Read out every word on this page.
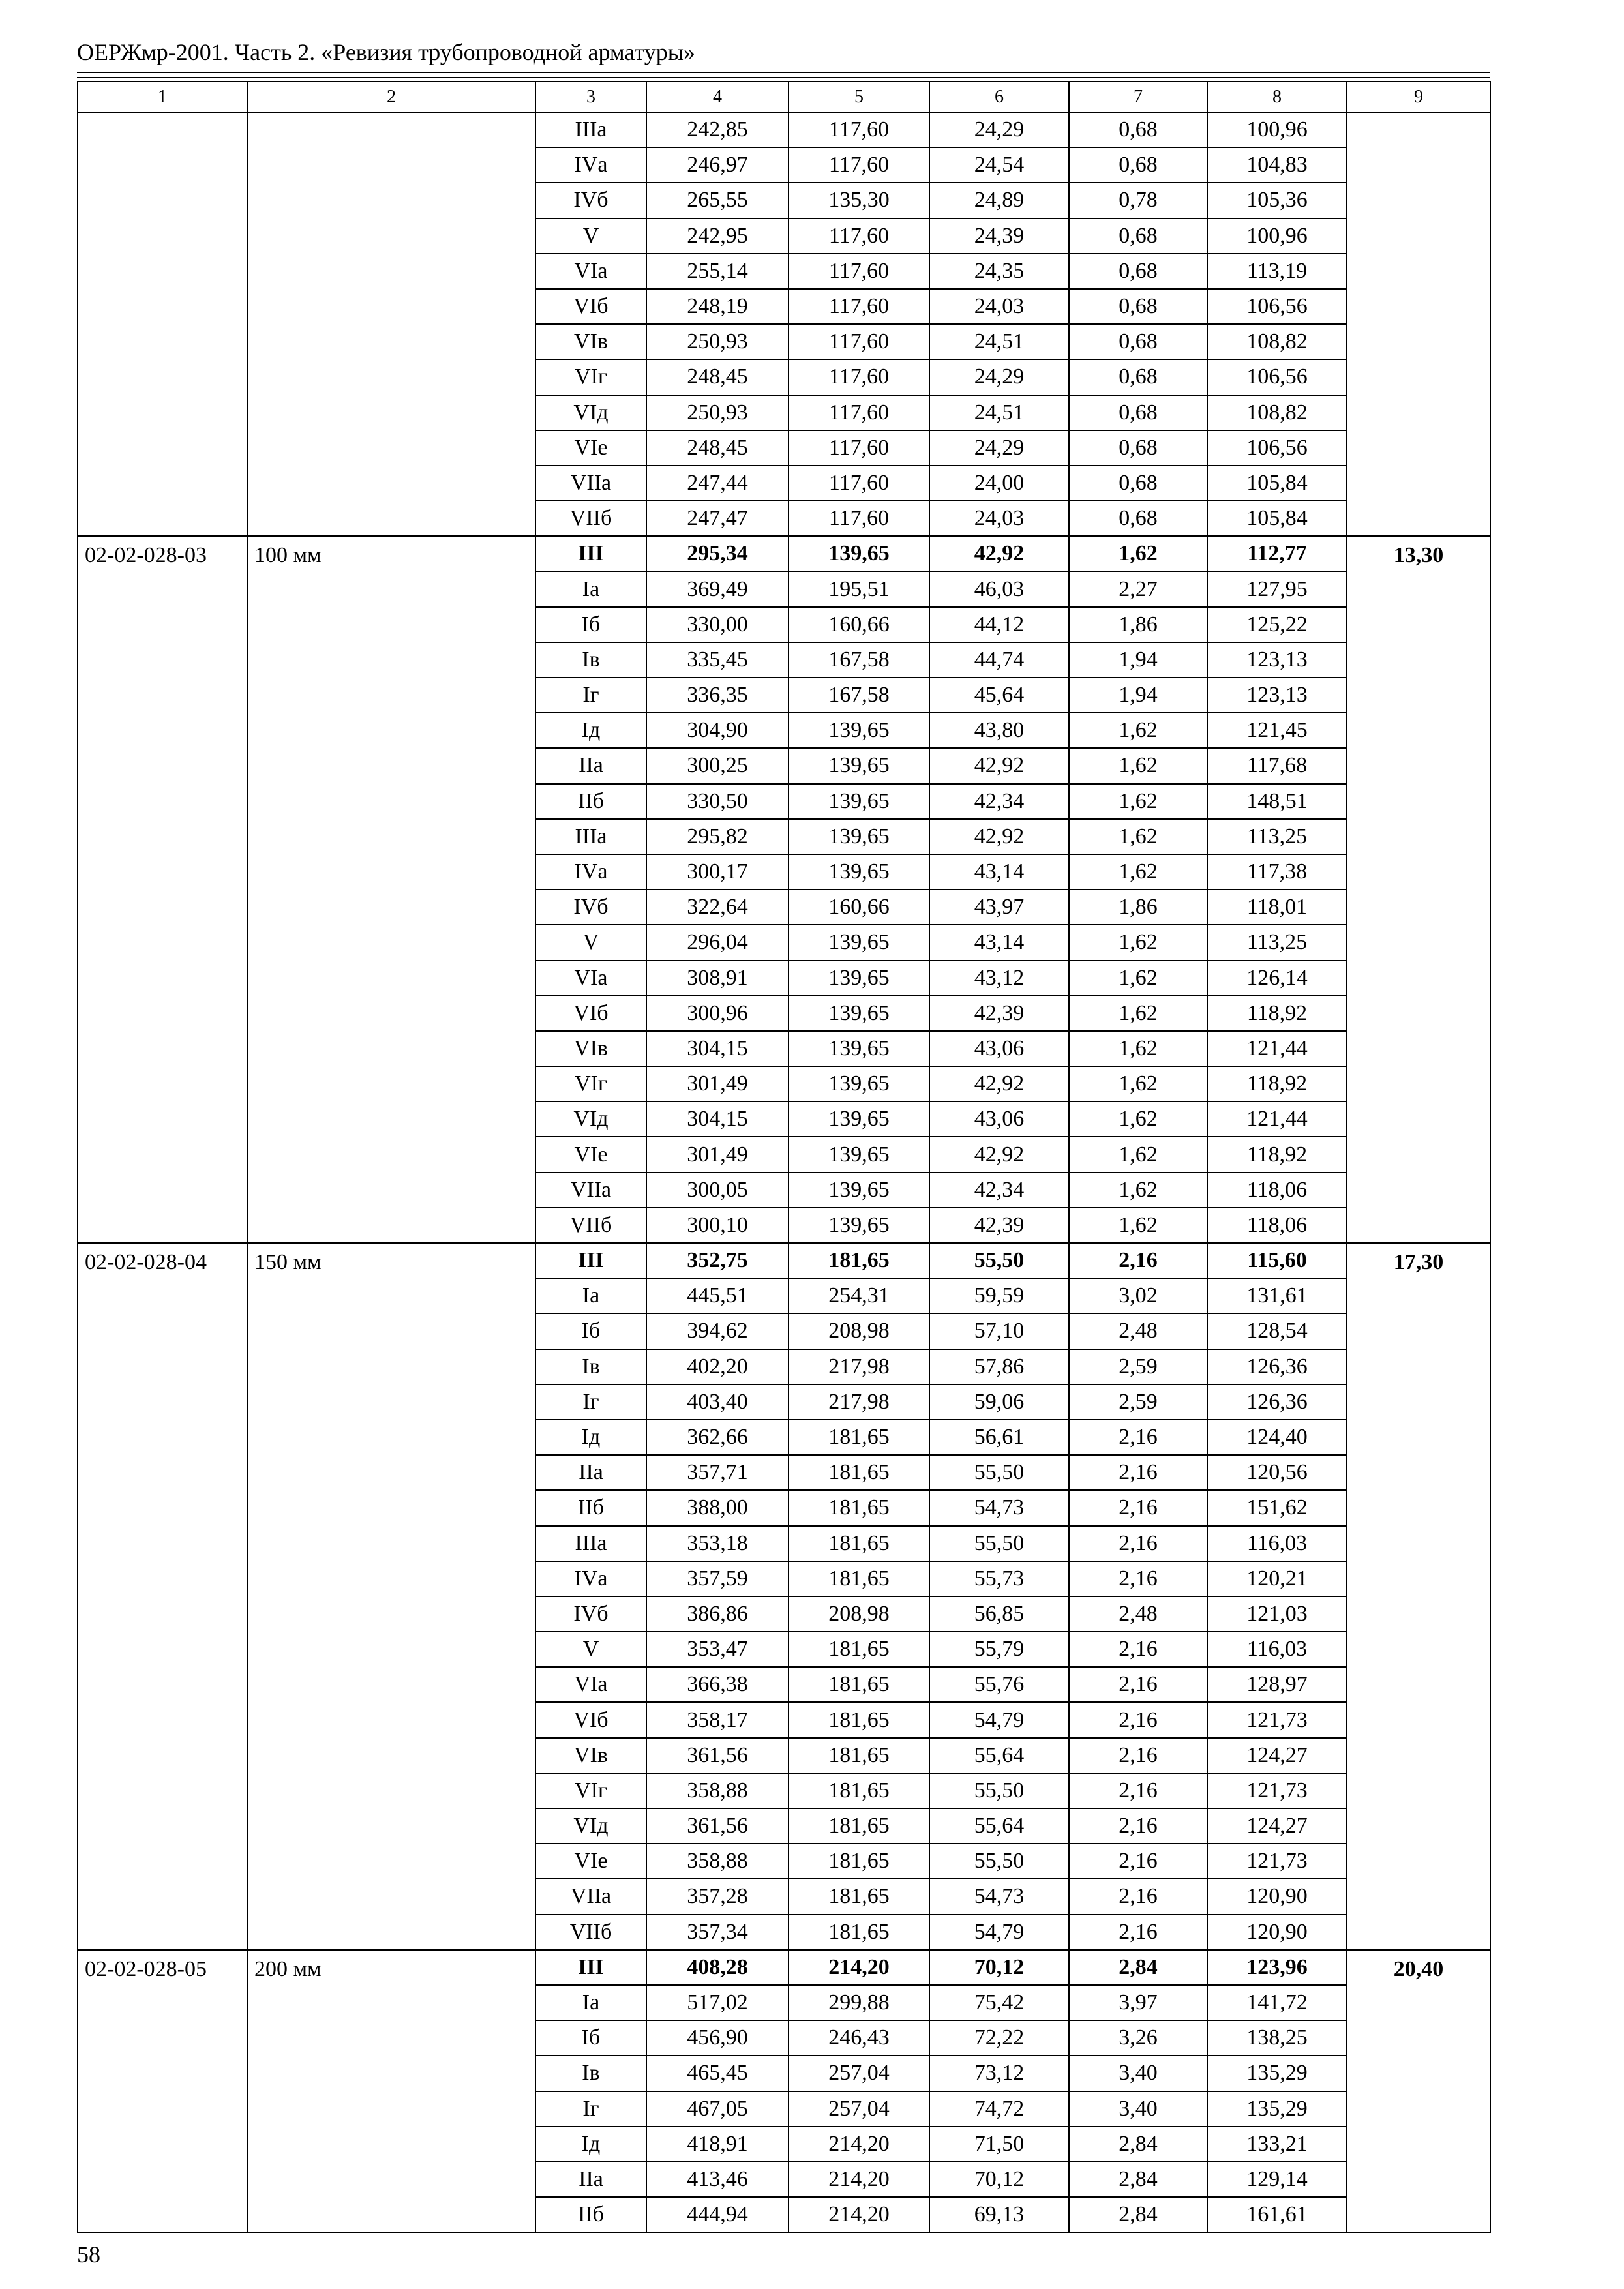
ОЕРЖмр-2001. Часть 2. «Ревизия трубопроводной арматуры»
1	2	3	4	5	6	7	8	9
		IIIа	242,85	117,60	24,29	0,68	100,96	
		IVа	246,97	117,60	24,54	0,68	104,83	
		IVб	265,55	135,30	24,89	0,78	105,36	
		V	242,95	117,60	24,39	0,68	100,96	
		VIа	255,14	117,60	24,35	0,68	113,19	
		VIб	248,19	117,60	24,03	0,68	106,56	
		VIв	250,93	117,60	24,51	0,68	108,82	
		VIг	248,45	117,60	24,29	0,68	106,56	
		VIд	250,93	117,60	24,51	0,68	108,82	
		VIе	248,45	117,60	24,29	0,68	106,56	
		VIIа	247,44	117,60	24,00	0,68	105,84	
		VIIб	247,47	117,60	24,03	0,68	105,84	
02-02-028-03	100 мм	III	295,34	139,65	42,92	1,62	112,77	13,30
		Iа	369,49	195,51	46,03	2,27	127,95	
		Iб	330,00	160,66	44,12	1,86	125,22	
		Iв	335,45	167,58	44,74	1,94	123,13	
		Iг	336,35	167,58	45,64	1,94	123,13	
		Iд	304,90	139,65	43,80	1,62	121,45	
		IIа	300,25	139,65	42,92	1,62	117,68	
		IIб	330,50	139,65	42,34	1,62	148,51	
		IIIа	295,82	139,65	42,92	1,62	113,25	
		IVа	300,17	139,65	43,14	1,62	117,38	
		IVб	322,64	160,66	43,97	1,86	118,01	
		V	296,04	139,65	43,14	1,62	113,25	
		VIа	308,91	139,65	43,12	1,62	126,14	
		VIб	300,96	139,65	42,39	1,62	118,92	
		VIв	304,15	139,65	43,06	1,62	121,44	
		VIг	301,49	139,65	42,92	1,62	118,92	
		VIд	304,15	139,65	43,06	1,62	121,44	
		VIе	301,49	139,65	42,92	1,62	118,92	
		VIIа	300,05	139,65	42,34	1,62	118,06	
		VIIб	300,10	139,65	42,39	1,62	118,06	
02-02-028-04	150 мм	III	352,75	181,65	55,50	2,16	115,60	17,30
		Iа	445,51	254,31	59,59	3,02	131,61	
		Iб	394,62	208,98	57,10	2,48	128,54	
		Iв	402,20	217,98	57,86	2,59	126,36	
		Iг	403,40	217,98	59,06	2,59	126,36	
		Iд	362,66	181,65	56,61	2,16	124,40	
		IIа	357,71	181,65	55,50	2,16	120,56	
		IIб	388,00	181,65	54,73	2,16	151,62	
		IIIа	353,18	181,65	55,50	2,16	116,03	
		IVа	357,59	181,65	55,73	2,16	120,21	
		IVб	386,86	208,98	56,85	2,48	121,03	
		V	353,47	181,65	55,79	2,16	116,03	
		VIа	366,38	181,65	55,76	2,16	128,97	
		VIб	358,17	181,65	54,79	2,16	121,73	
		VIв	361,56	181,65	55,64	2,16	124,27	
		VIг	358,88	181,65	55,50	2,16	121,73	
		VIд	361,56	181,65	55,64	2,16	124,27	
		VIе	358,88	181,65	55,50	2,16	121,73	
		VIIа	357,28	181,65	54,73	2,16	120,90	
		VIIб	357,34	181,65	54,79	2,16	120,90	
02-02-028-05	200 мм	III	408,28	214,20	70,12	2,84	123,96	20,40
		Iа	517,02	299,88	75,42	3,97	141,72	
		Iб	456,90	246,43	72,22	3,26	138,25	
		Iв	465,45	257,04	73,12	3,40	135,29	
		Iг	467,05	257,04	74,72	3,40	135,29	
		Iд	418,91	214,20	71,50	2,84	133,21	
		IIа	413,46	214,20	70,12	2,84	129,14	
		IIб	444,94	214,20	69,13	2,84	161,61	
58
